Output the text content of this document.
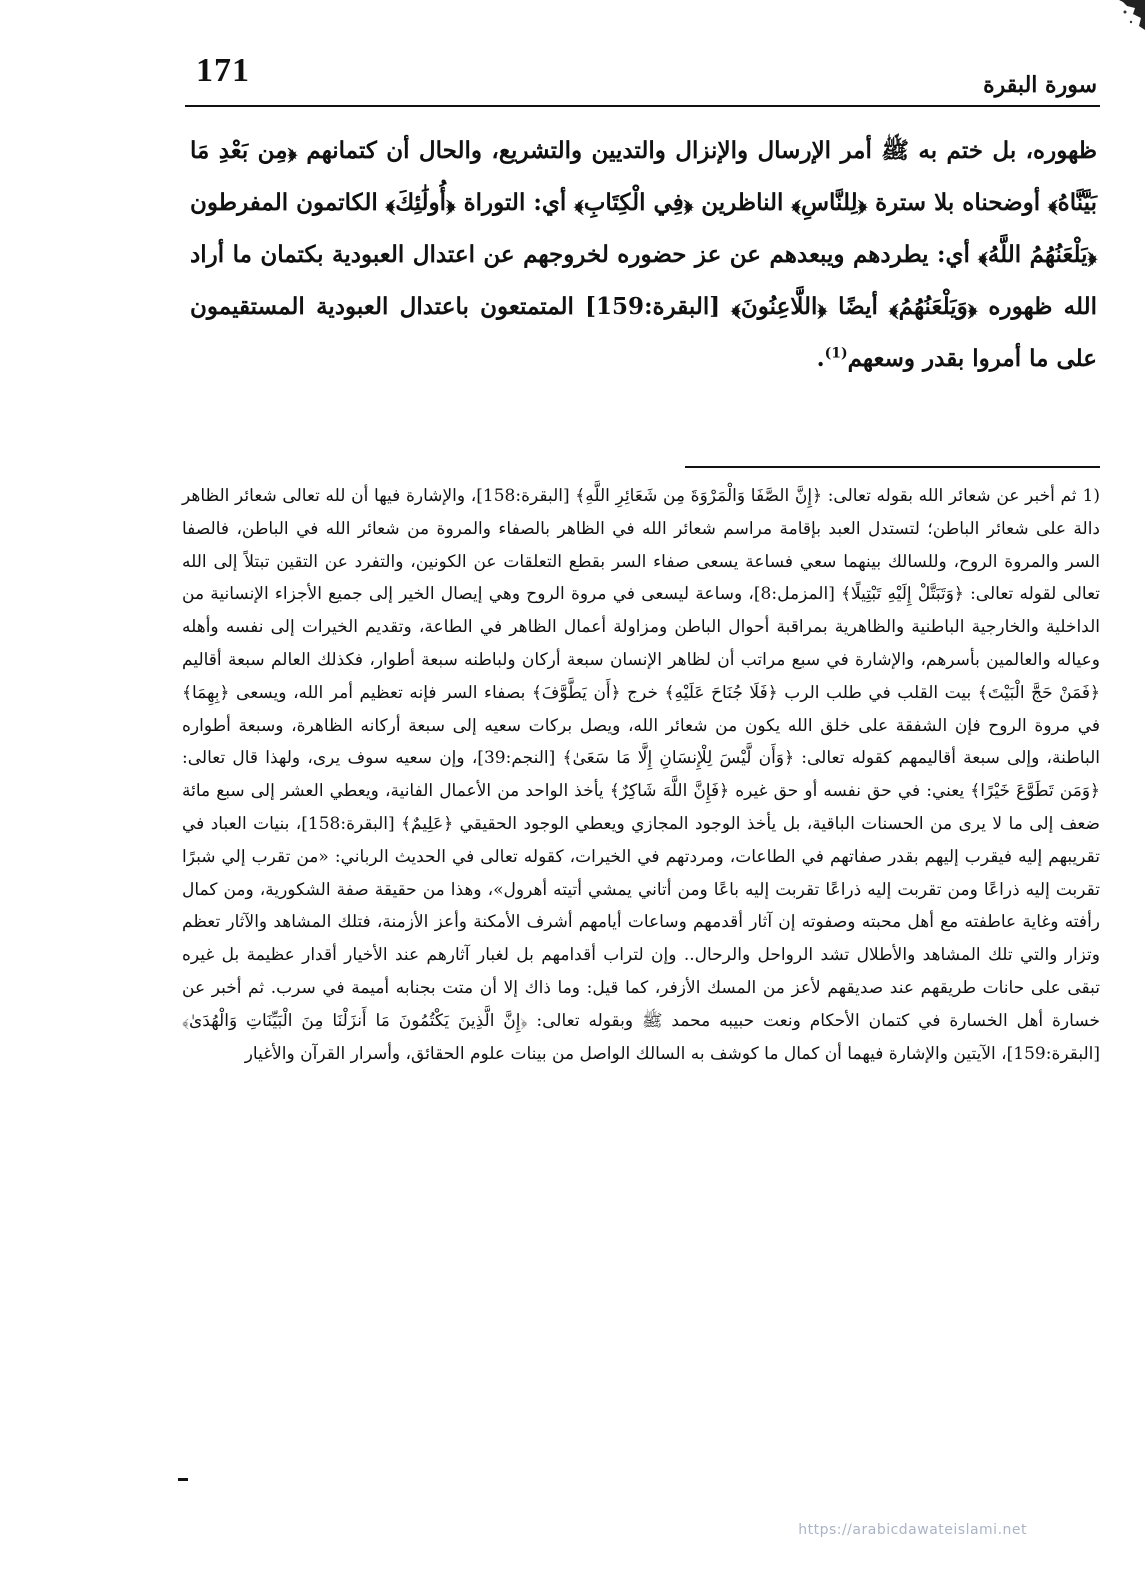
171	سورة البقرة
ظهوره، بل ختم به ﷺ أمر الإرسال والإنزال والتديين والتشريع، والحال أن كتمانهم ﴿مِن بَعْدِ مَا بَيَّنَّاهُ﴾ أوضحناه بلا سترة ﴿لِلنَّاسِ﴾ الناظرين ﴿فِي الْكِتَابِ﴾ أي: التوراة ﴿أُولَٰئِكَ﴾ الكاتمون المفرطون ﴿يَلْعَنُهُمُ اللَّهُ﴾ أي: يطردهم ويبعدهم عن عز حضوره لخروجهم عن اعتدال العبودية بكتمان ما أراد الله ظهوره ﴿وَيَلْعَنُهُمُ﴾ أيضًا ﴿اللَّاعِنُونَ﴾ [البقرة:159] المتمتعون باعتدال العبودية المستقيمون على ما أمروا بقدر وسعهم$^{(1)}$.
(1ثم أخبر عن شعائر الله بقوله تعالى: ﴿إِنَّ الصَّفَا وَالْمَرْوَةَ مِن شَعَائِرِ اللَّهِ﴾ [البقرة:158]، والإشارة فيها أن لله تعالى شعائر الظاهر دالة على شعائر الباطن؛ لتستدل العبد بإقامة مراسم شعائر الله في الظاهر بالصفاء والمروة من شعائر الله في الباطن، فالصفا السر والمروة الروح، وللسالك بينهما سعي فساعة يسعى صفاء السر بقطع التعلقات عن الكونين، والتفرد عن التقين تبتلاً إلى الله تعالى لقوله تعالى: ﴿وَتَبَتَّلْ إِلَيْهِ تَبْتِيلًا﴾ [المزمل:8]، وساعة ليسعى في مروة الروح وهي إيصال الخير إلى جميع الأجزاء الإنسانية من الداخلية والخارجية الباطنية والظاهرية بمراقبة أحوال الباطن ومزاولة أعمال الظاهر في الطاعة، وتقديم الخيرات إلى نفسه وأهله وعياله والعالمين بأسرهم، والإشارة في سبع مراتب أن لظاهر الإنسان سبعة أركان ولباطنه سبعة أطوار، فكذلك العالم سبعة أقاليم ﴿فَمَنْ حَجَّ الْبَيْتَ﴾ بيت القلب في طلب الرب ﴿فَلَا جُنَاحَ عَلَيْهِ﴾ خرج ﴿أَن يَطَّوَّفَ﴾ بصفاء السر فإنه تعظيم أمر الله، ويسعى ﴿بِهِمَا﴾ في مروة الروح فإن الشفقة على خلق الله يكون من شعائر الله، ويصل بركات سعيه إلى سبعة أركانه الظاهرة، وسبعة أطواره الباطنة، وإلى سبعة أقاليمهم كقوله تعالى: ﴿وَأَن لَّيْسَ لِلْإِنسَانِ إِلَّا مَا سَعَىٰ﴾ [النجم:39]، وإن سعيه سوف يرى، ولهذا قال تعالى: ﴿وَمَن تَطَوَّعَ خَيْرًا﴾ يعني: في حق نفسه أو حق غيره ﴿فَإِنَّ اللَّهَ شَاكِرٌ﴾ يأخذ الواحد من الأعمال الفانية، ويعطي العشر إلى سبع مائة ضعف إلى ما لا يرى من الحسنات الباقية، بل يأخذ الوجود المجازي ويعطي الوجود الحقيقي ﴿عَلِيمٌ﴾ [البقرة:158]، بنيات العباد في تقريبهم إليه فيقرب إليهم بقدر صفاتهم في الطاعات، ومردتهم في الخيرات، كقوله تعالى في الحديث الرباني: «من تقرب إلي شبرًا تقربت إليه ذراعًا ومن تقربت إليه ذراعًا تقربت إليه باعًا ومن أتاني يمشي أتيته أهرول»، وهذا من حقيقة صفة الشكورية، ومن كمال رأفته وغاية عاطفته مع أهل محبته وصفوته إن آثار أقدمهم وساعات أيامهم أشرف الأمكنة وأعز الأزمنة، فتلك المشاهد والآثار تعظم وتزار والتي تلك المشاهد والأطلال تشد الرواحل والرحال.. وإن لتراب أقدامهم بل لغبار آثارهم عند الأخيار أقدار عظيمة بل غيره تبقى على حانات طريقهم عند صديقهم لأعز من المسك الأزفر، كما قيل: وما ذاك إلا أن متت بجنابه أميمة في سرب. ثم أخبر عن خسارة أهل الخسارة في كتمان الأحكام ونعت حبيبه محمد ﷺ وبقوله تعالى: ﴿إِنَّ الَّذِينَ يَكْتُمُونَ مَا أَنزَلْنَا مِنَ الْبَيِّنَاتِ وَالْهُدَىٰ﴾ [البقرة:159]، الآيتين والإشارة فيهما أن كمال ما كوشف به السالك الواصل من بينات علوم الحقائق، وأسرار القرآن والأغيار
https://arabicdawateislami.net
